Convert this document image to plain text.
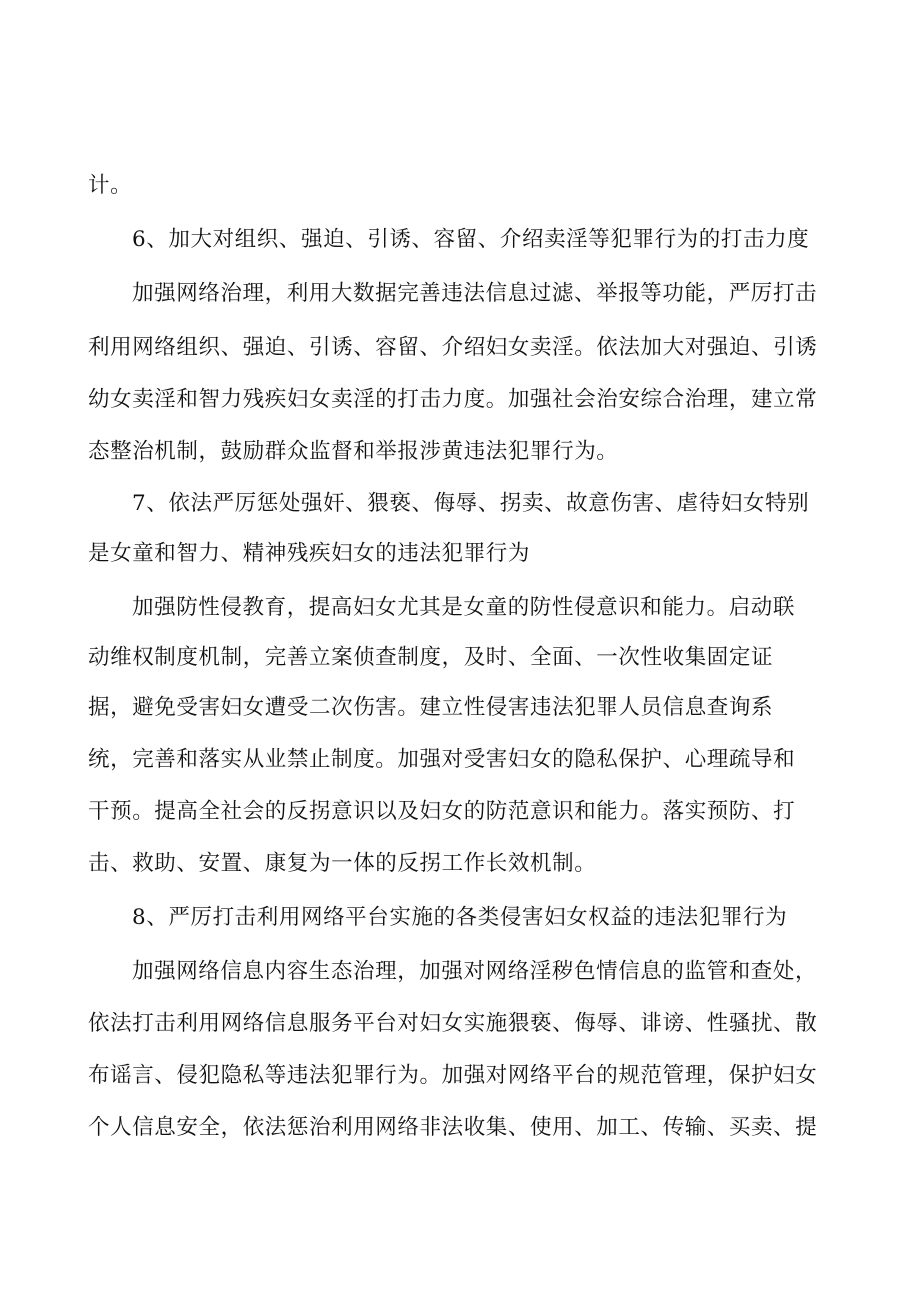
计。
6、加大对组织、强迫、引诱、容留、介绍卖淫等犯罪行为的打击力度
加强网络治理，利用大数据完善违法信息过滤、举报等功能，严厉打击
利用网络组织、强迫、引诱、容留、介绍妇女卖淫。依法加大对强迫、引诱
幼女卖淫和智力残疾妇女卖淫的打击力度。加强社会治安综合治理，建立常
态整治机制，鼓励群众监督和举报涉黄违法犯罪行为。
7、依法严厉惩处强奸、猥亵、侮辱、拐卖、故意伤害、虐待妇女特别
是女童和智力、精神残疾妇女的违法犯罪行为
加强防性侵教育，提高妇女尤其是女童的防性侵意识和能力。启动联
动维权制度机制，完善立案侦查制度，及时、全面、一次性收集固定证
据，避免受害妇女遭受二次伤害。建立性侵害违法犯罪人员信息查询系
统，完善和落实从业禁止制度。加强对受害妇女的隐私保护、心理疏导和
干预。提高全社会的反拐意识以及妇女的防范意识和能力。落实预防、打
击、救助、安置、康复为一体的反拐工作长效机制。
8、严厉打击利用网络平台实施的各类侵害妇女权益的违法犯罪行为
加强网络信息内容生态治理，加强对网络淫秽色情信息的监管和查处，
依法打击利用网络信息服务平台对妇女实施猥亵、侮辱、诽谤、性骚扰、散
布谣言、侵犯隐私等违法犯罪行为。加强对网络平台的规范管理，保护妇女
个人信息安全，依法惩治利用网络非法收集、使用、加工、传输、买卖、提
